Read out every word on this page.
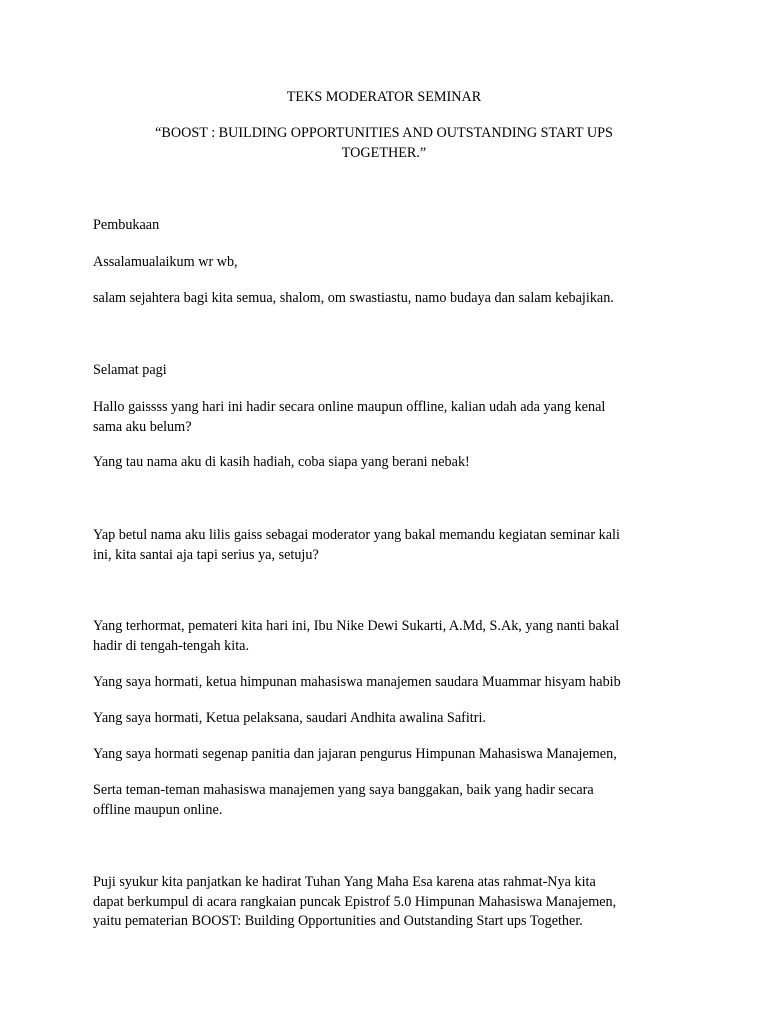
TEKS MODERATOR SEMINAR

“BOOST : BUILDING OPPORTUNITIES AND OUTSTANDING START UPS
TOGETHER.”

Pembukaan

Assalamualaikum wr wb,

salam sejahtera bagi kita semua, shalom, om swastiastu, namo budaya dan salam kebajikan.

Selamat pagi

Hallo gaissss yang hari ini hadir secara online maupun offline, kalian udah ada yang kenal
sama aku belum?

Yang tau nama aku di kasih hadiah, coba siapa yang berani nebak!

Yap betul nama aku lilis gaiss sebagai moderator yang bakal memandu kegiatan seminar kali
ini, kita santai aja tapi serius ya, setuju?

Yang terhormat, pemateri kita hari ini, Ibu Nike Dewi Sukarti, A.Md, S.Ak, yang nanti bakal
hadir di tengah-tengah kita.

Yang saya hormati, ketua himpunan mahasiswa manajemen saudara Muammar hisyam habib

Yang saya hormati, Ketua pelaksana, saudari Andhita awalina Safitri.

Yang saya hormati segenap panitia dan jajaran pengurus Himpunan Mahasiswa Manajemen,

Serta teman-teman mahasiswa manajemen yang saya banggakan, baik yang hadir secara
offline maupun online.

Puji syukur kita panjatkan ke hadirat Tuhan Yang Maha Esa karena atas rahmat-Nya kita
dapat berkumpul di acara rangkaian puncak Epistrof 5.0 Himpunan Mahasiswa Manajemen,
yaitu pematerian BOOST: Building Opportunities and Outstanding Start ups Together.
